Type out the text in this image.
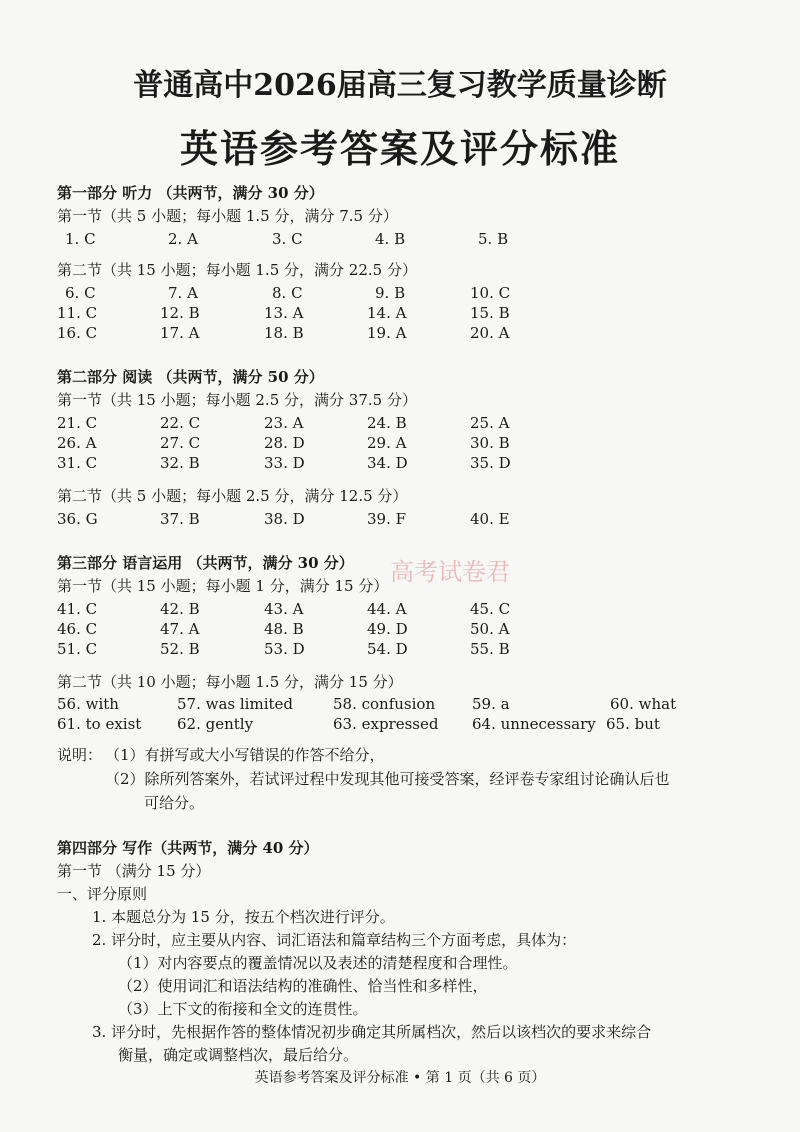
普通高中2026届高三复习教学质量诊断
英语参考答案及评分标准
高考试卷君
第一部分 听力 （共两节，满分 30 分）
第一节（共 5 小题；每小题 1.5 分，满分 7.5 分）
1. C	2. A	3. C	4. B	5. B
第二节（共 15 小题；每小题 1.5 分，满分 22.5 分）
6. C	7. A	8. C	9. B	10. C
11. C	12. B	13. A	14. A	15. B
16. C	17. A	18. B	19. A	20. A
第二部分 阅读 （共两节，满分 50 分）
第一节（共 15 小题；每小题 2.5 分，满分 37.5 分）
21. C	22. C	23. A	24. B	25. A
26. A	27. C	28. D	29. A	30. B
31. C	32. B	33. D	34. D	35. D
第二节（共 5 小题；每小题 2.5 分，满分 12.5 分）
36. G	37. B	38. D	39. F	40. E
第三部分 语言运用 （共两节，满分 30 分）
第一节（共 15 小题；每小题 1 分，满分 15 分）
41. C	42. B	43. A	44. A	45. C
46. C	47. A	48. B	49. D	50. A
51. C	52. B	53. D	54. D	55. B
第二节（共 10 小题；每小题 1.5 分，满分 15 分）
56. with	57. was limited	58. confusion 59. a	60. what
61. to exist 62. gently	63. expressed 64. unnecessary 65. but
说明： （1）有拼写或大小写错误的作答不给分，
（2）除所列答案外，若试评过程中发现其他可接受答案，经评卷专家组讨论确认后也
可给分。
第四部分 写作（共两节，满分 40 分）
第一节 （满分 15 分）
一、评分原则
1. 本题总分为 15 分，按五个档次进行评分。
2. 评分时，应主要从内容、词汇语法和篇章结构三个方面考虑，具体为：
（1）对内容要点的覆盖情况以及表述的清楚程度和合理性。
（2）使用词汇和语法结构的准确性、恰当性和多样性，
（3）上下文的衔接和全文的连贯性。
3. 评分时，先根据作答的整体情况初步确定其所属档次，然后以该档次的要求来综合
衡量，确定或调整档次，最后给分。
英语参考答案及评分标准 • 第 1 页（共 6 页）
